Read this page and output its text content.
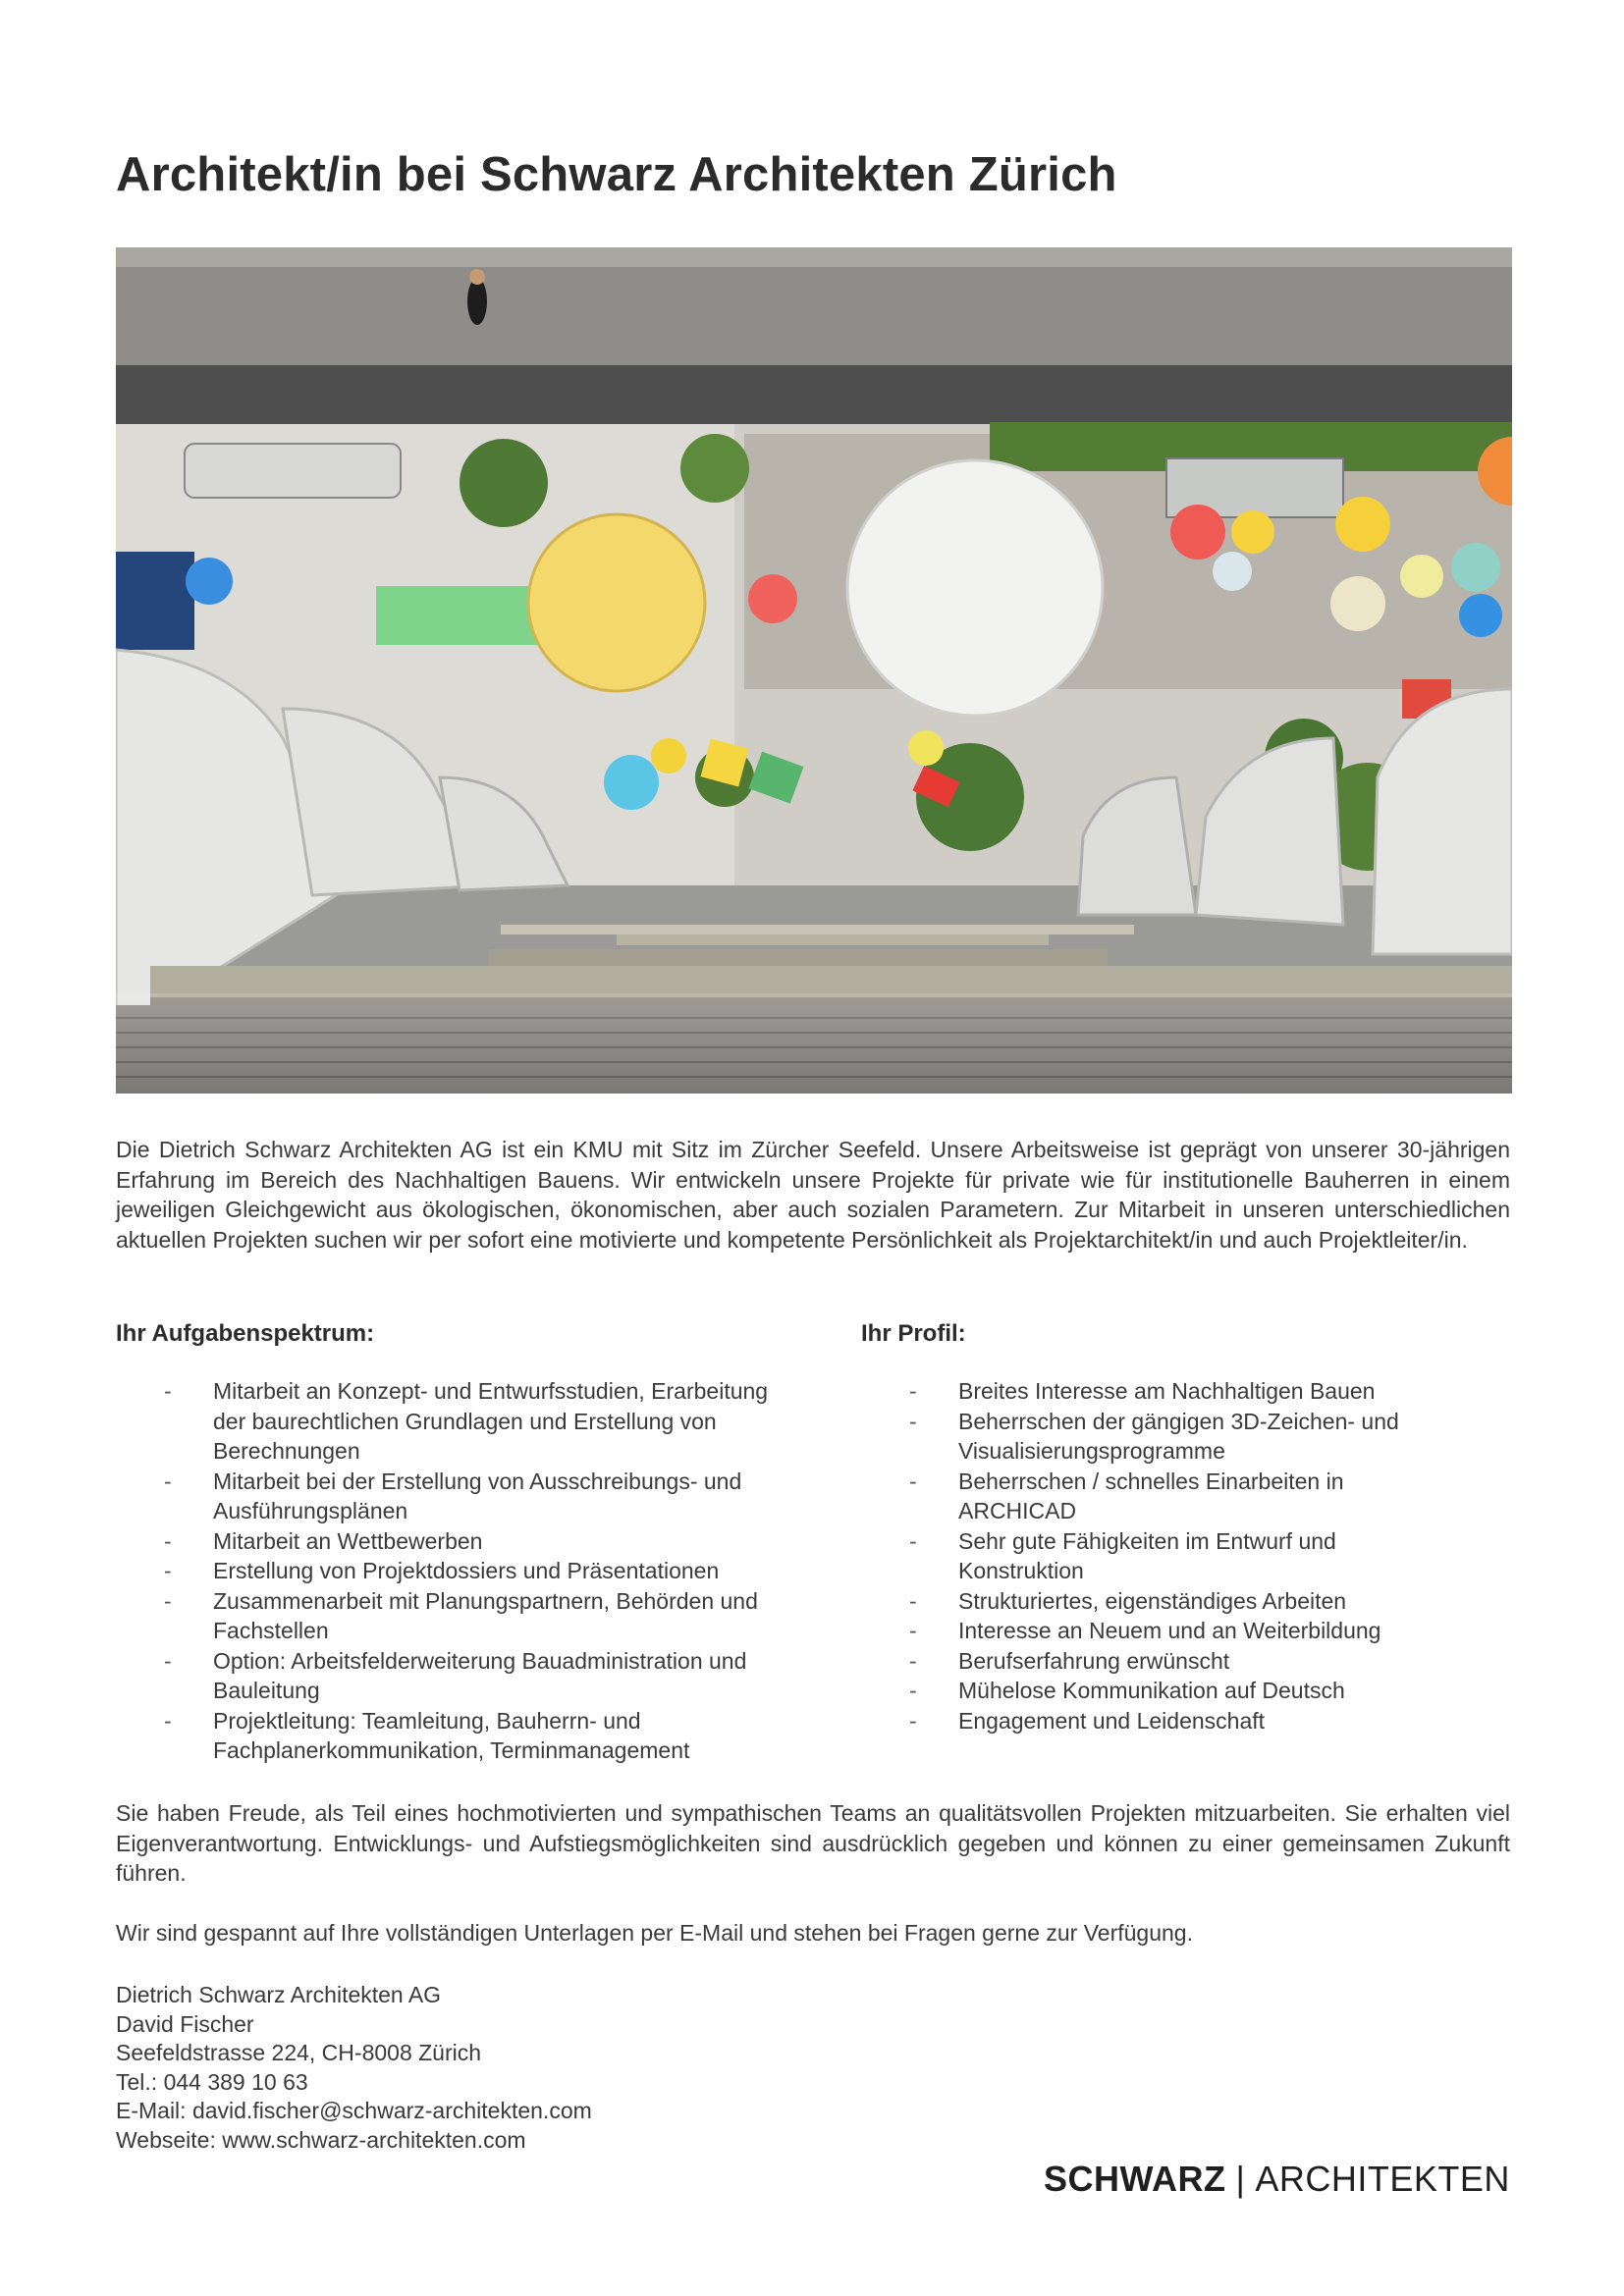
Architekt/in bei Schwarz Architekten Zürich

Die Dietrich Schwarz Architekten AG ist ein KMU mit Sitz im Zürcher Seefeld. Unsere Arbeitsweise ist geprägt von unserer 30-jährigen Erfahrung im Bereich des Nachhaltigen Bauens. Wir entwickeln unsere Projekte für private wie für institutionelle Bauherren in einem jeweiligen Gleichgewicht aus ökologischen, ökonomischen, aber auch sozialen Parametern. Zur Mitarbeit in unseren unterschiedlichen aktuellen Projekten suchen wir per sofort eine motivierte und kompetente Persönlichkeit als Projektarchitekt/in und auch Projektleiter/in.

Ihr Aufgabenspektrum:	Ihr Profil:
- Mitarbeit an Konzept- und Entwurfsstudien, Erarbeitung der baurechtlichen Grundlagen und Erstellung von Berechnungen
- Mitarbeit bei der Erstellung von Ausschreibungs- und Ausführungsplänen
- Mitarbeit an Wettbewerben
- Erstellung von Projektdossiers und Präsentationen
- Zusammenarbeit mit Planungspartnern, Behörden und Fachstellen
- Option: Arbeitsfelderweiterung Bauadministration und Bauleitung
- Projektleitung: Teamleitung, Bauherrn- und Fachplanerkommunikation, Terminmanagement
- Breites Interesse am Nachhaltigen Bauen
- Beherrschen der gängigen 3D-Zeichen- und Visualisierungsprogramme
- Beherrschen / schnelles Einarbeiten in ARCHICAD
- Sehr gute Fähigkeiten im Entwurf und Konstruktion
- Strukturiertes, eigenständiges Arbeiten
- Interesse an Neuem und an Weiterbildung
- Berufserfahrung erwünscht
- Mühelose Kommunikation auf Deutsch
- Engagement und Leidenschaft

Sie haben Freude, als Teil eines hochmotivierten und sympathischen Teams an qualitätsvollen Projekten mitzuarbeiten. Sie erhalten viel Eigenverantwortung. Entwicklungs- und Aufstiegsmöglichkeiten sind ausdrücklich gegeben und können zu einer gemeinsamen Zukunft führen.

Wir sind gespannt auf Ihre vollständigen Unterlagen per E-Mail und stehen bei Fragen gerne zur Verfügung.

Dietrich Schwarz Architekten AG
David Fischer
Seefeldstrasse 224, CH-8008 Zürich
Tel.: 044 389 10 63
E-Mail: david.fischer@schwarz-architekten.com
Webseite: www.schwarz-architekten.com
SCHWARZ | ARCHITEKTEN
